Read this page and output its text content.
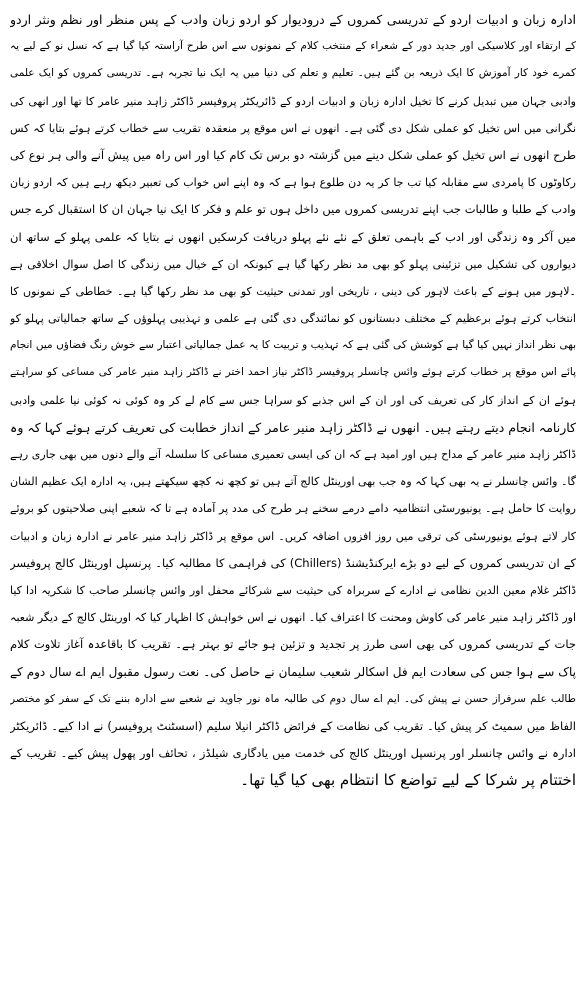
ادارہ زبان و ادبیات اردو کے تدریسی کمروں کے درودیوار کو اردو زبان وادب کے پس منظر اور نظم ونثر اردو
کے ارتقاء اور کلاسیکی اور جدید دور کے شعراء کے منتخب کلام کے نمونوں سے اس طرح آراستہ کیا گیا ہے کہ نسل نو کے لیے یہ
کمرے خود کار آموزش کا ایک ذریعہ بن گئے ہیں۔ تعلیم و تعلم کی دنیا میں یہ ایک نیا تجربہ ہے۔ تدریسی کمروں کو ایک علمی
وادبی جہان میں تبدیل کرنے کا تخیل ادارہ زبان و ادبیات اردو کے ڈائریکٹر پروفیسر ڈاکٹر زاہد منیر عامر کا تھا اور انھی کی
نگرانی میں اس تخیل کو عملی شکل دی گئی ہے۔ انھوں نے اس موقع پر منعقدہ تقریب سے خطاب کرتے ہوئے بتایا کہ کس
طرح انھوں نے اس تخیل کو عملی شکل دینے میں گزشتہ دو برس تک کام کیا اور اس راہ میں پیش آنے والی ہر نوع کی
رکاوٹوں کا پامردی سے مقابلہ کیا تب جا کر یہ دن طلوع ہوا ہے کہ وہ اپنے اس خواب کی تعبیر دیکھ رہے ہیں کہ اردو زبان
وادب کے طلبا و طالبات جب اپنے تدریسی کمروں میں داخل ہوں تو علم و فکر کا ایک نیا جہان ان کا استقبال کرے جس
میں آکر وہ زندگی اور ادب کے باہمی تعلق کے نئے نئے پہلو دریافت کرسکیں انھوں نے بتایا کہ علمی پہلو کے ساتھ ان
دیواروں کی تشکیل میں تزئینی پہلو کو بھی مد نظر رکھا گیا ہے کیونکہ ان کے خیال میں زندگی کا اصل سوال اخلاقی ہے
۔لاہور میں ہونے کے باعث لاہور کی دینی ، تاریخی اور تمدنی حیثیت کو بھی مد نظر رکھا گیا ہے۔ خطاطی کے نمونوں کا
انتخاب کرتے ہوئے برعظیم کے مختلف دبستانوں کو نمائندگی دی گئی ہے علمی و تہذیبی پہلوؤں کے ساتھ جمالیاتی پہلو کو
بھی نظر انداز نہیں کیا گیا ہے کوشش کی گئی ہے کہ تہذیب و تربیت کا یہ عمل جمالیاتی اعتبار سے خوش رنگ فضاؤں میں انجام
پائے اس موقع پر خطاب کرتے ہوئے وائس چانسلر پروفیسر ڈاکٹر نیاز احمد اختر نے ڈاکٹر زاہد منیر عامر کی مساعی کو سراہتے
ہوئے ان کے انداز کار کی تعریف کی اور ان کے اس جذبے کو سراہا جس سے کام لے کر وہ کوئی نہ کوئی نیا علمی وادبی
کارنامہ انجام دیتے رہتے ہیں۔ انھوں نے ڈاکٹر زاہد منیر عامر کے انداز خطابت کی تعریف کرتے ہوئے کہا کہ وہ
ڈاکٹر زاہد منیر عامر کے مداح ہیں اور امید ہے کہ ان کی ایسی تعمیری مساعی کا سلسلہ آنے والے دنوں میں بھی جاری رہے
گا۔ وائس چانسلر نے یہ بھی کہا کہ وہ جب بھی اورینٹل کالج آتے ہیں تو کچھ نہ کچھ سیکھتے ہیں، یہ ادارہ ایک عظیم الشان
روایت کا حامل ہے۔ یونیورسٹی انتظامیہ دامے درمے سخنے ہر طرح کی مدد پر آمادہ ہے تا کہ شعبے اپنی صلاحیتوں کو بروئے
کار لاتے ہوئے یونیورسٹی کی ترقی میں روز افزوں اضافہ کریں۔ اس موقع پر ڈاکٹر زاہد منیر عامر نے ادارہ زبان و ادبیات
کے ان تدریسی کمروں کے لیے دو بڑے ایرکنڈیشنڈ (Chillers) کی فراہمی کا مطالبہ کیا۔ پرنسپل اورینٹل کالج پروفیسر
ڈاکٹر غلام معین الدین نظامی نے ادارے کے سربراہ کی حیثیت سے شرکائے محفل اور وائس چانسلر صاحب کا شکریہ ادا کیا
اور ڈاکٹر زاہد منیر عامر کی کاوش ومحنت کا اعتراف کیا۔ انھوں نے اس خواہش کا اظہار کیا کہ اورینٹل کالج کے دیگر شعبہ
جات کے تدریسی کمروں کی بھی اسی طرز پر تجدید و تزئین ہو جائے تو بہتر ہے۔ تقریب کا باقاعدہ آغاز تلاوت کلام
پاک سے ہوا جس کی سعادت ایم فل اسکالر شعیب سلیمان نے حاصل کی۔ نعت رسول مقبول ایم اے سال دوم کے
طالب علم سرفراز حسن نے پیش کی۔ ایم اے سال دوم کی طالبہ ماہ نور جاوید نے شعبے سے ادارہ بننے تک کے سفر کو مختصر
الفاظ میں سمیٹ کر پیش کیا۔ تقریب کی نظامت کے فرائض ڈاکٹر انیلا سلیم (اسسٹنٹ پروفیسر) نے ادا کیے۔ ڈائریکٹر
ادارہ نے وائس چانسلر اور پرنسپل اورینٹل کالج کی خدمت میں یادگاری شیلڈز ، تحائف اور پھول پیش کیے۔ تقریب کے
اختتام پر شرکا کے لیے تواضع کا انتظام بھی کیا گیا تھا۔
